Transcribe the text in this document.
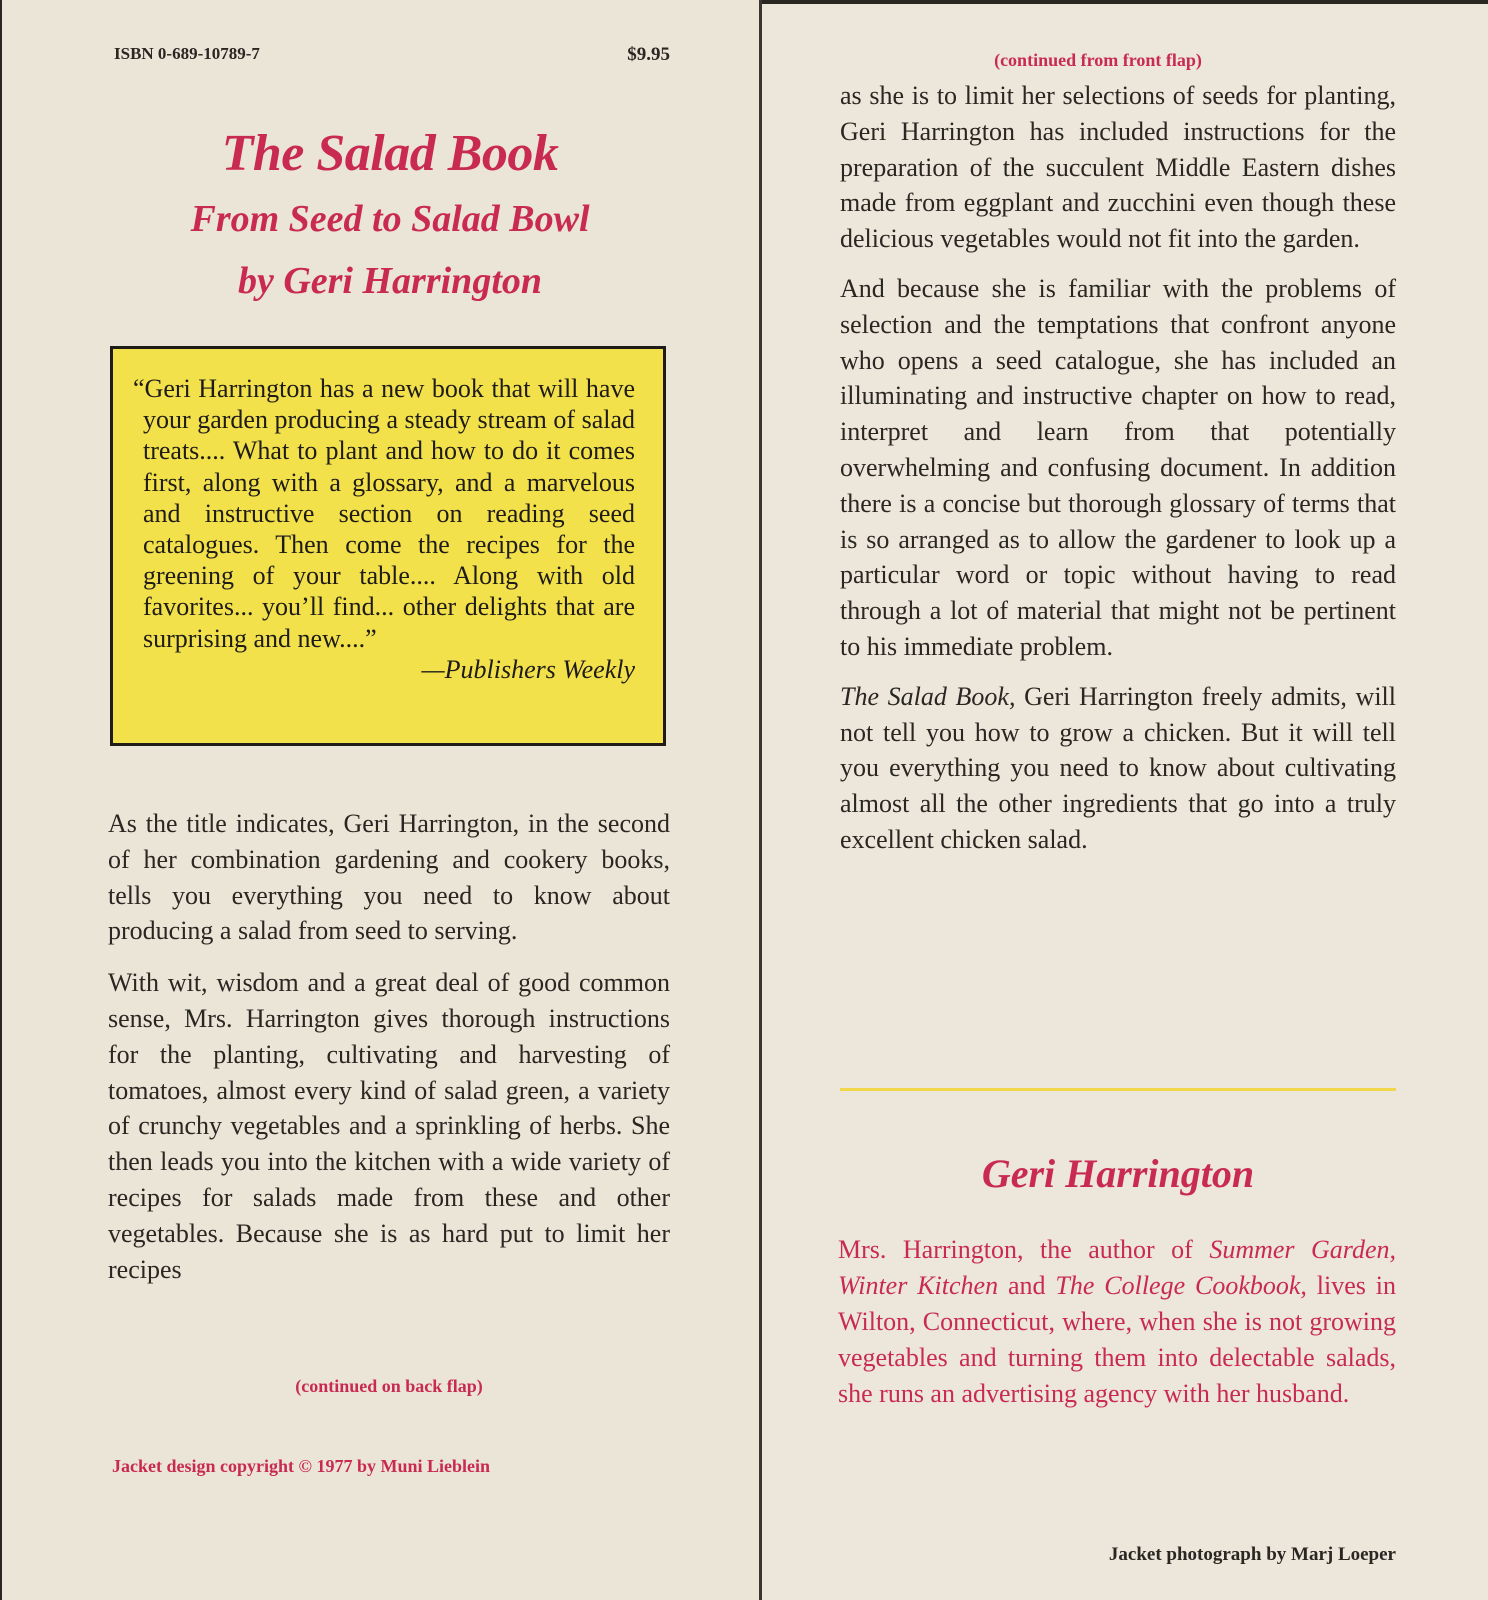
ISBN 0-689-10789-7	$9.95

The Salad Book

From Seed to Salad Bowl

by Geri Harrington

“Geri Harrington has a new book that will have your garden producing a steady stream of salad treats.... What to plant and how to do it comes first, along with a glossary, and a marvelous and instructive section on reading seed catalogues. Then come the recipes for the greening of your table.... Along with old favorites... you’ll find... other delights that are surprising and new....”
—Publishers Weekly

As the title indicates, Geri Harrington, in the second of her combination gardening and cookery books, tells you everything you need to know about producing a salad from seed to serving.

With wit, wisdom and a great deal of good common sense, Mrs. Harrington gives thorough instructions for the planting, cultivating and harvesting of tomatoes, almost every kind of salad green, a variety of crunchy vegetables and a sprinkling of herbs. She then leads you into the kitchen with a wide variety of recipes for salads made from these and other vegetables. Because she is as hard put to limit her recipes

(continued on back flap)
Jacket design copyright © 1977 by Muni Lieblein
(continued from front flap)

as she is to limit her selections of seeds for planting, Geri Harrington has included instructions for the preparation of the succulent Middle Eastern dishes made from eggplant and zucchini even though these delicious vegetables would not fit into the garden.

And because she is familiar with the problems of selection and the temptations that confront anyone who opens a seed catalogue, she has included an illuminating and instructive chapter on how to read, interpret and learn from that potentially overwhelming and confusing document. In addition there is a concise but thorough glossary of terms that is so arranged as to allow the gardener to look up a particular word or topic without having to read through a lot of material that might not be pertinent to his immediate problem.

The Salad Book, Geri Harrington freely admits, will not tell you how to grow a chicken. But it will tell you everything you need to know about cultivating almost all the other ingredients that go into a truly excellent chicken salad.

Geri Harrington
Mrs. Harrington, the author of Summer Garden, Winter Kitchen and The College Cookbook, lives in Wilton, Connecticut, where, when she is not growing vegetables and turning them into delectable salads, she runs an advertising agency with her husband.
Jacket photograph by Marj Loeper
